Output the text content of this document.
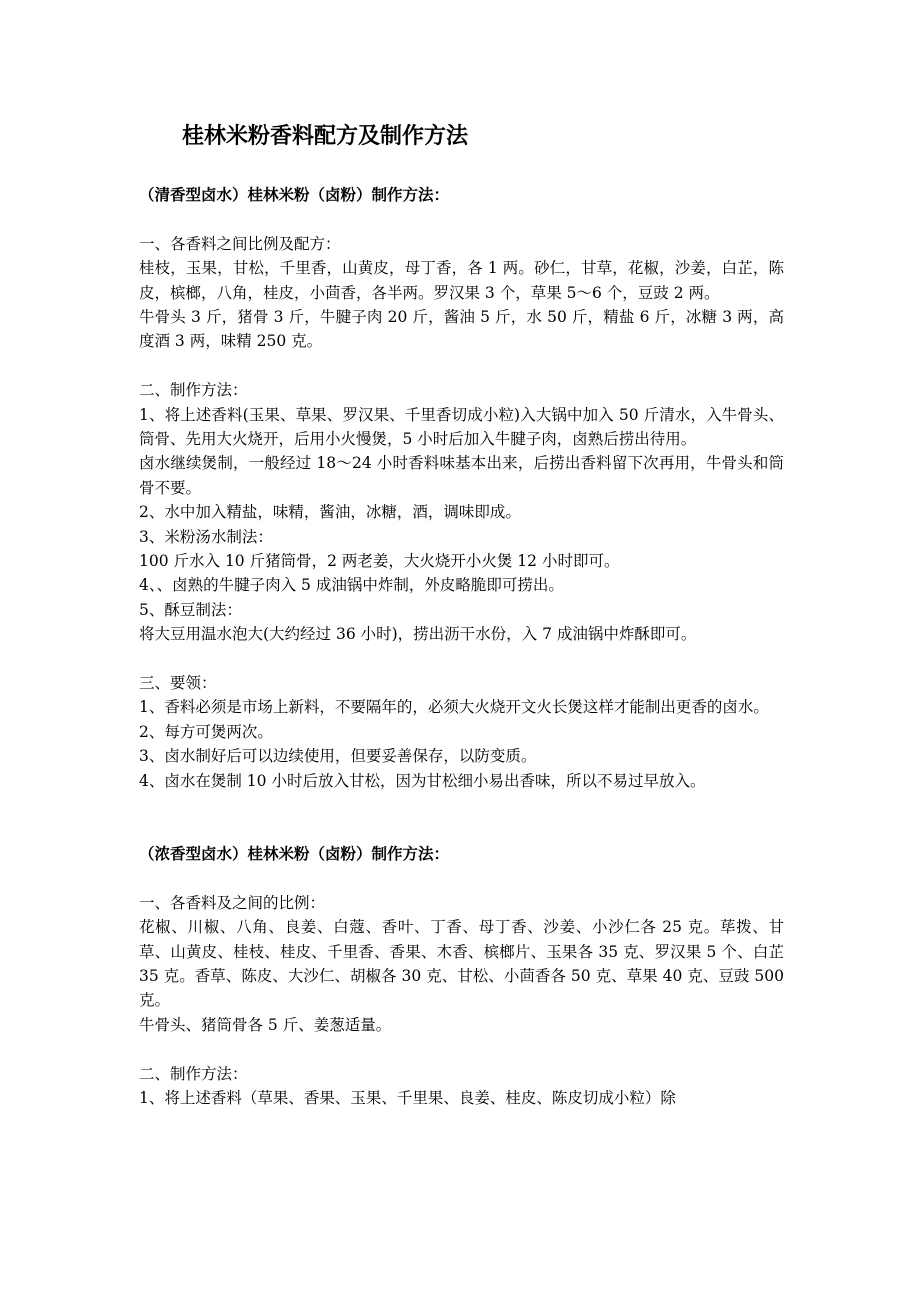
桂林米粉香料配方及制作方法

（清香型卤水）桂林米粉（卤粉）制作方法：

一、各香料之间比例及配方：

桂枝，玉果，甘松，千里香，山黄皮，母丁香，各 1 两。砂仁，甘草，花椒，沙姜，白芷，陈皮，槟榔，八角，桂皮，小茴香，各半两。罗汉果 3 个，草果 5～6 个，豆豉 2 两。

牛骨头 3 斤，猪骨 3 斤，牛腱子肉 20 斤，酱油 5 斤，水 50 斤，精盐 6 斤，冰糖 3 两，高度酒 3 两，味精 250 克。

二、制作方法：

1、将上述香料(玉果、草果、罗汉果、千里香切成小粒)入大锅中加入 50 斤清水，入牛骨头、筒骨、先用大火烧开，后用小火慢煲，5 小时后加入牛腱子肉，卤熟后捞出待用。

卤水继续煲制，一般经过 18～24 小时香料味基本出来，后捞出香料留下次再用，牛骨头和筒骨不要。

2、水中加入精盐，味精，酱油，冰糖，酒，调味即成。

3、米粉汤水制法：

100 斤水入 10 斤猪筒骨，2 两老姜，大火烧开小火煲 12 小时即可。

4、、卤熟的牛腱子肉入 5 成油锅中炸制，外皮略脆即可捞出。

5、酥豆制法：

将大豆用温水泡大(大约经过 36 小时)，捞出沥干水份，入 7 成油锅中炸酥即可。

三、要领：

1、香料必须是市场上新料，不要隔年的，必须大火烧开文火长煲这样才能制出更香的卤水。

2、每方可煲两次。

3、卤水制好后可以边续使用，但要妥善保存，以防变质。

4、卤水在煲制 10 小时后放入甘松，因为甘松细小易出香味，所以不易过早放入。

（浓香型卤水）桂林米粉（卤粉）制作方法：

一、各香料及之间的比例：

花椒、川椒、八角、良姜、白蔻、香叶、丁香、母丁香、沙姜、小沙仁各 25 克。荜拨、甘草、山黄皮、桂枝、桂皮、千里香、香果、木香、槟榔片、玉果各 35 克、罗汉果 5 个、白芷 35 克。香草、陈皮、大沙仁、胡椒各 30 克、甘松、小茴香各 50 克、草果 40 克、豆豉 500 克。

牛骨头、猪筒骨各 5 斤、姜葱适量。

二、制作方法：

1、将上述香料（草果、香果、玉果、千里果、良姜、桂皮、陈皮切成小粒）除
